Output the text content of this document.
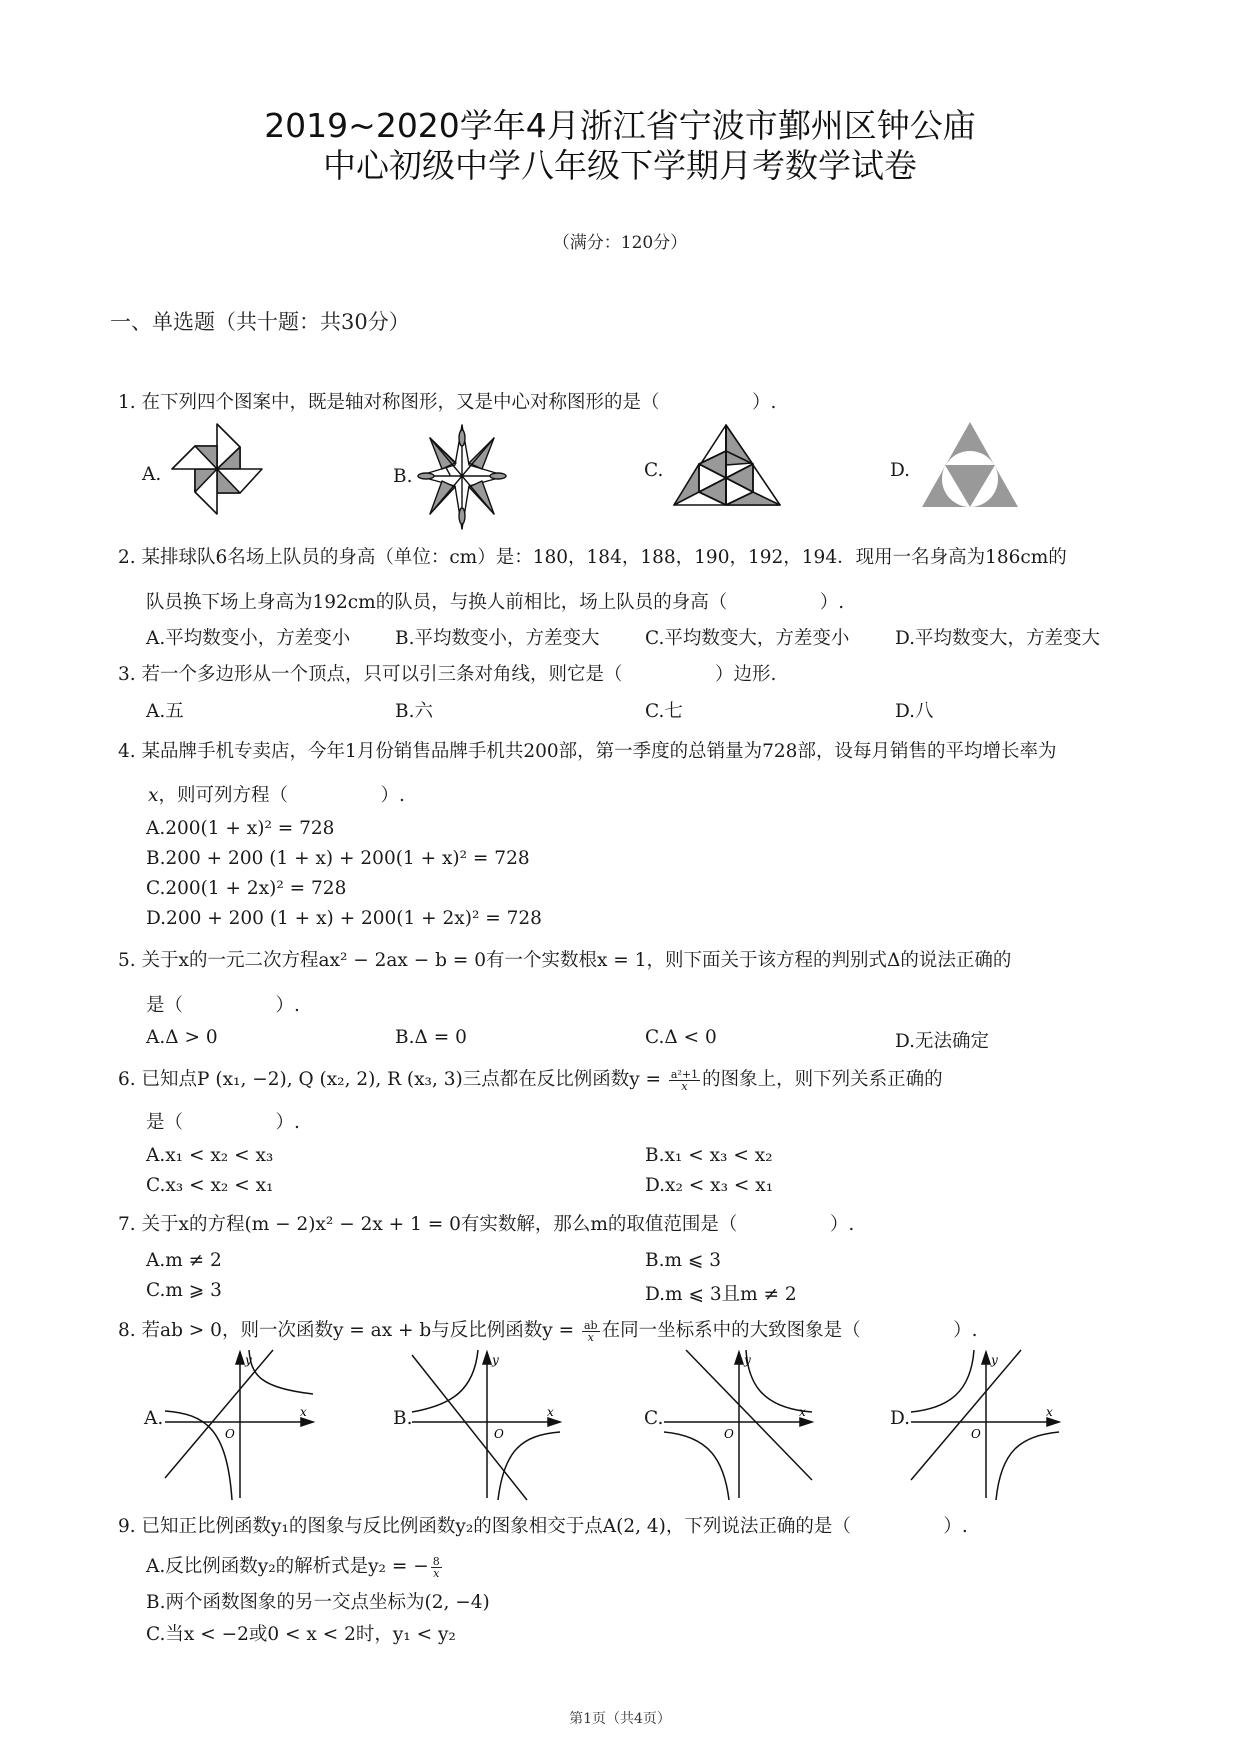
2019~2020学年4月浙江省宁波市鄞州区钟公庙
中心初级中学八年级下学期月考数学试卷
（满分：120分）
一、单选题（共十题：共30分）
1. 在下列四个图案中，既是轴对称图形，又是中心对称图形的是（　　　　　）.
A.	B.	C.	D.
2. 某排球队6名场上队员的身高（单位：cm）是：180，184，188，190，192，194．现用一名身高为186cm的
队员换下场上身高为192cm的队员，与换人前相比，场上队员的身高（　　　　　）.
A.平均数变小，方差变小 B.平均数变小，方差变大 C.平均数变大，方差变小 D.平均数变大，方差变大
3. 若一个多边形从一个顶点，只可以引三条对角线，则它是（　　　　　）边形.
A.五	B.六	C.七	D.八
4. 某品牌手机专卖店，今年1月份销售品牌手机共200部，第一季度的总销量为728部，设每月销售的平均增长率为
x，则可列方程（　　　　　）.
A.200(1 + x)² = 728
B.200 + 200 (1 + x) + 200(1 + x)² = 728
C.200(1 + 2x)² = 728
D.200 + 200 (1 + x) + 200(1 + 2x)² = 728
5. 关于x的一元二次方程ax² − 2ax − b = 0有一个实数根x = 1，则下面关于该方程的判别式Δ的说法正确的
是（　　　　　）.
A.Δ > 0	B.Δ = 0	C.Δ < 0	D.无法确定
6. 已知点P (x₁, −2), Q (x₂, 2), R (x₃, 3)三点都在反比例函数$y = \frac{\text{a²+1}}{x}$ 的图象上，则下列关系正确的
是（　　　　　）.
A.x₁ < x₂ < x₃	B.x₁ < x₃ < x₂
C.x₃ < x₂ < x₁	D.x₂ < x₃ < x₁
7. 关于x的方程(m − 2)x² − 2x + 1 = 0有实数解，那么m的取值范围是（　　　　　）.
A.m ≠ 2	B.m ⩽ 3
C.m ⩾ 3	D.m ⩽ 3且m ≠ 2
8. 若ab > 0，则一次函数y = ax + b与反比例函数$y = \frac{ab}{x}$ 在同一坐标系中的大致图象是（　　　　　）.
A.
y
x
O
B.
y
x
O
C.
y
x
O
D.
y
x
O
9. 已知正比例函数y₁的图象与反比例函数y₂的图象相交于点A(2, 4)，下列说法正确的是（　　　　　）.
A.反比例函数y₂的解析式是y₂ = − $\frac{8}{x}$
B.两个函数图象的另一交点坐标为(2, −4)
C.当x < −2或0 < x < 2时，y₁ < y₂
第1页（共4页）
